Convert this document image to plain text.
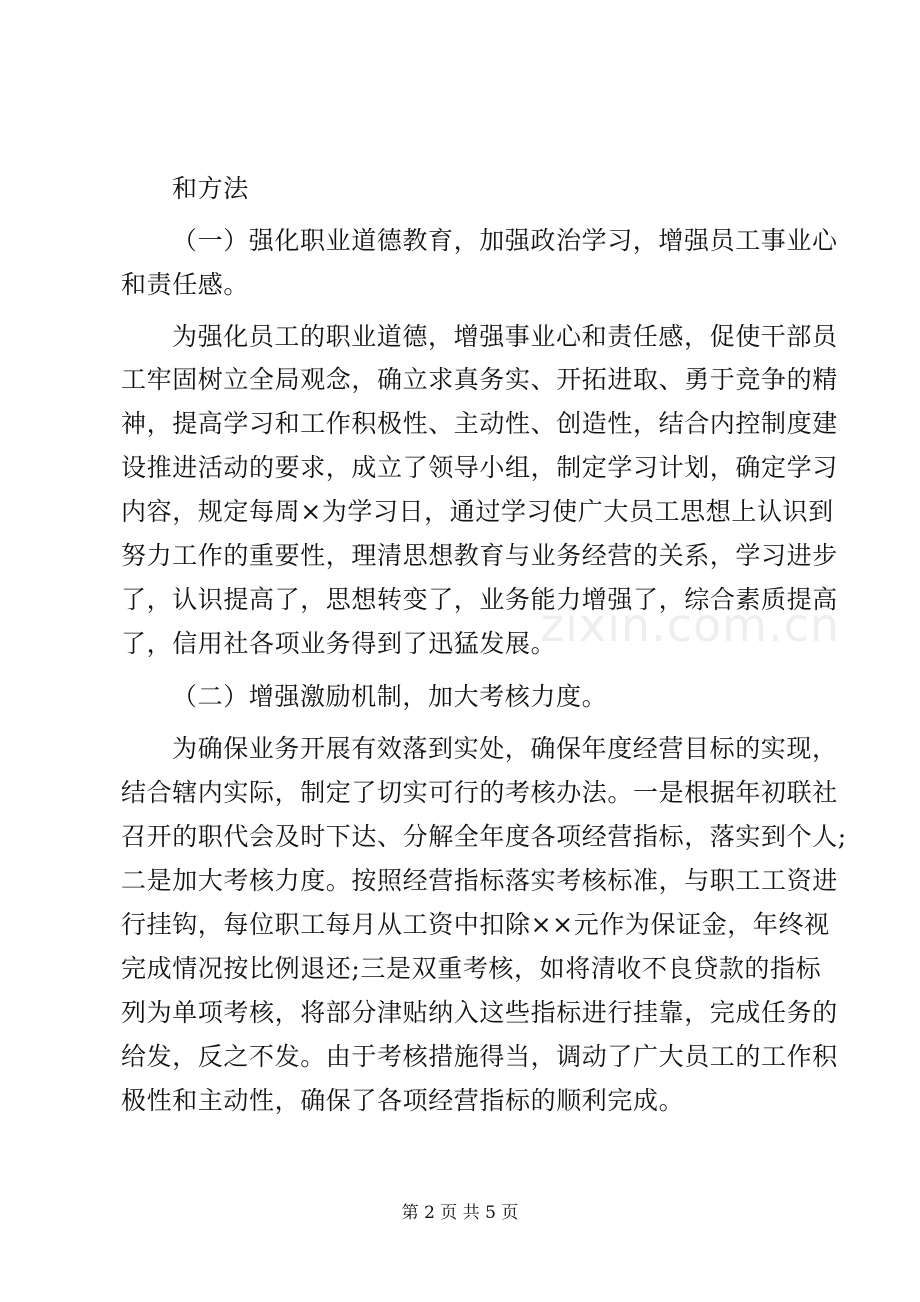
和方法
（一）强化职业道德教育，加强政治学习，增强员工事业心
和责任感。
为强化员工的职业道德，增强事业心和责任感，促使干部员
工牢固树立全局观念，确立求真务实、开拓进取、勇于竞争的精
神，提高学习和工作积极性、主动性、创造性，结合内控制度建
设推进活动的要求，成立了领导小组，制定学习计划，确定学习
内容，规定每周×为学习日，通过学习使广大员工思想上认识到
努力工作的重要性，理清思想教育与业务经营的关系，学习进步
了，认识提高了，思想转变了，业务能力增强了，综合素质提高
了，信用社各项业务得到了迅猛发展。
（二）增强激励机制，加大考核力度。
为确保业务开展有效落到实处，确保年度经营目标的实现，
结合辖内实际，制定了切实可行的考核办法。一是根据年初联社
召开的职代会及时下达、分解全年度各项经营指标，落实到个人;
二是加大考核力度。按照经营指标落实考核标准，与职工工资进
行挂钩，每位职工每月从工资中扣除××元作为保证金，年终视
完成情况按比例退还;三是双重考核，如将清收不良贷款的指标
列为单项考核，将部分津贴纳入这些指标进行挂靠，完成任务的
给发，反之不发。由于考核措施得当，调动了广大员工的工作积
极性和主动性，确保了各项经营指标的顺利完成。
zixin.com.cn
第 2 页 共 5 页
